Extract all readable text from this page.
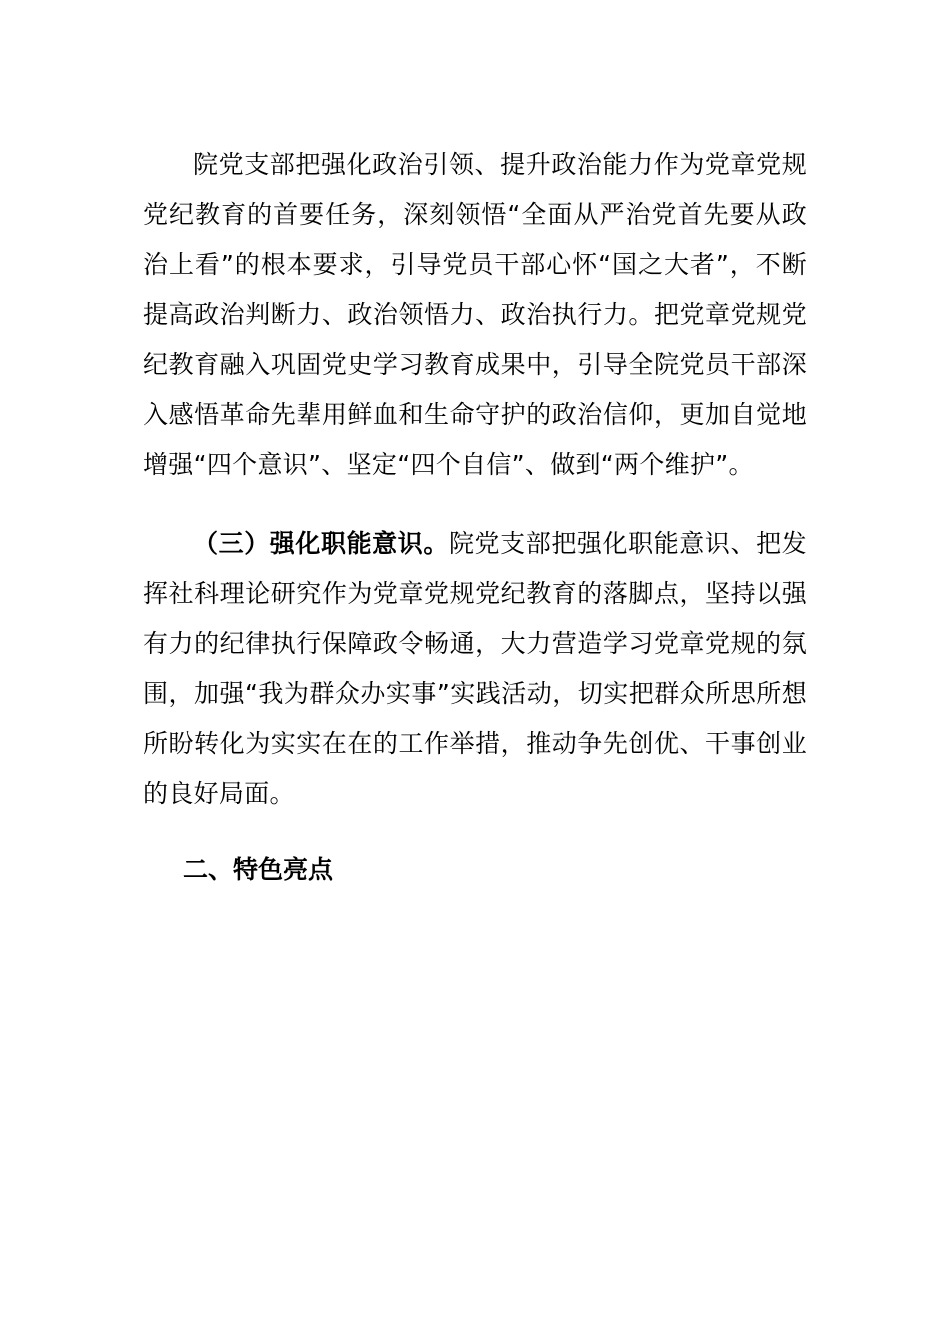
院党支部把强化政治引领、提升政治能力作为党章党规党纪教育的首要任务，深刻领悟“全面从严治党首先要从政治上看”的根本要求，引导党员干部心怀“国之大者”，不断提高政治判断力、政治领悟力、政治执行力。把党章党规党纪教育融入巩固党史学习教育成果中，引导全院党员干部深入感悟革命先辈用鲜血和生命守护的政治信仰，更加自觉地增强“四个意识”、坚定“四个自信”、做到“两个维护”。

（三）强化职能意识。院党支部把强化职能意识、把发挥社科理论研究作为党章党规党纪教育的落脚点，坚持以强有力的纪律执行保障政令畅通，大力营造学习党章党规的氛围，加强“我为群众办实事”实践活动，切实把群众所思所想所盼转化为实实在在的工作举措，推动争先创优、干事创业的良好局面。

二、特色亮点
